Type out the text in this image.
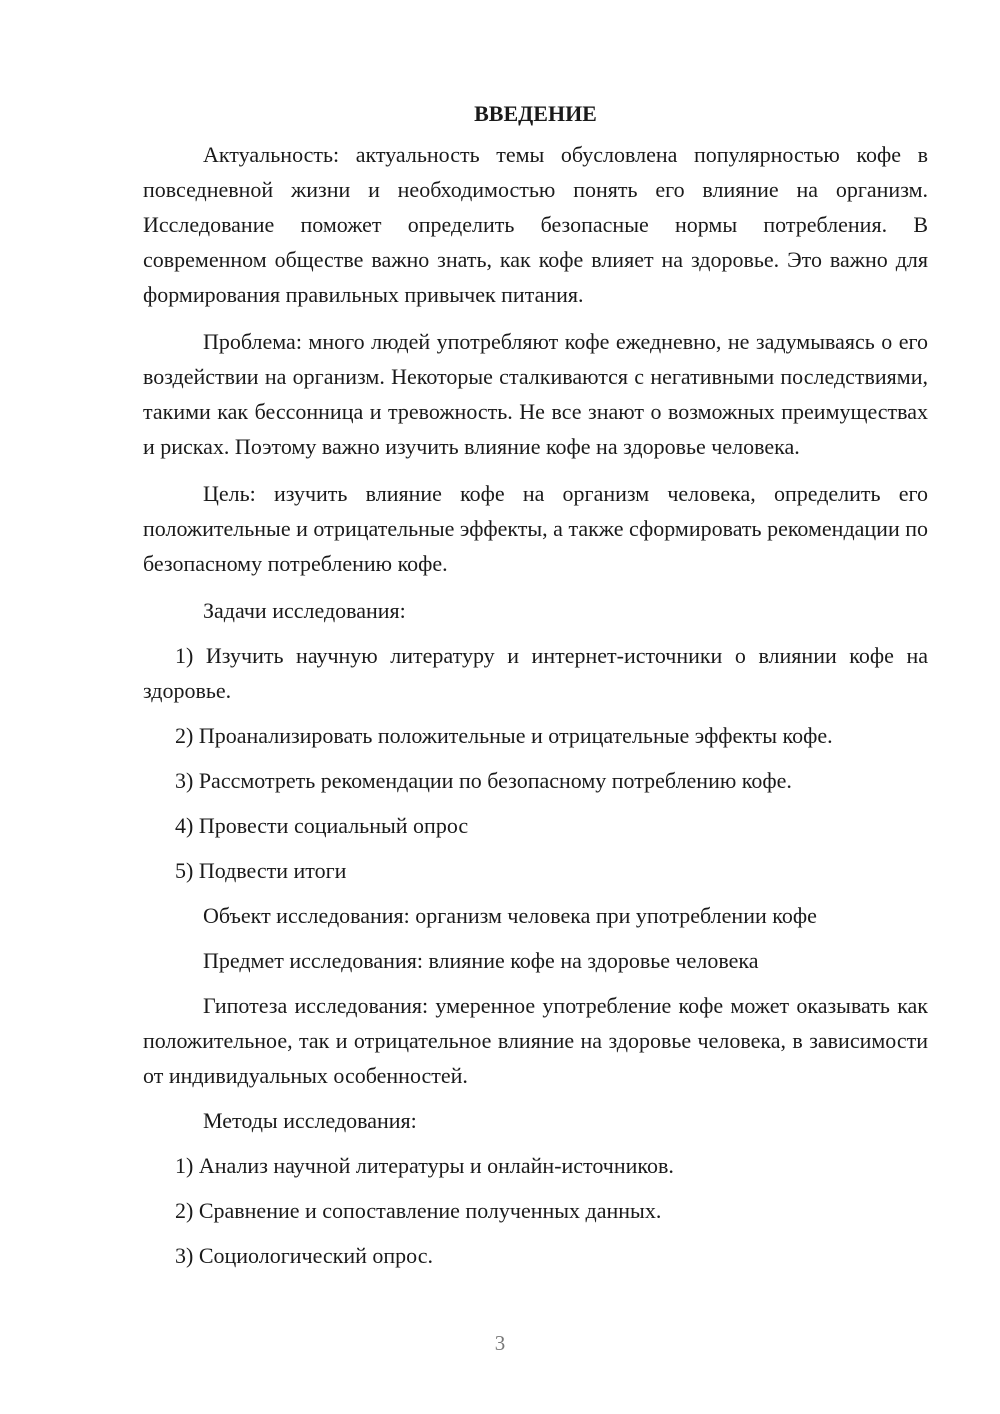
ВВЕДЕНИЕ

Актуальность: актуальность темы обусловлена популярностью кофе в повседневной жизни и необходимостью понять его влияние на организм. Исследование поможет определить безопасные нормы потребления. В современном обществе важно знать, как кофе влияет на здоровье. Это важно для формирования правильных привычек питания.

Проблема: много людей употребляют кофе ежедневно, не задумываясь о его воздействии на организм. Некоторые сталкиваются с негативными последствиями, такими как бессонница и тревожность. Не все знают о возможных преимуществах и рисках. Поэтому важно изучить влияние кофе на здоровье человека.

Цель: изучить влияние кофе на организм человека, определить его положительные и отрицательные эффекты, а также сформировать рекомендации по безопасному потреблению кофе.

Задачи исследования:

1) Изучить научную литературу и интернет-источники о влиянии кофе на здоровье.

2) Проанализировать положительные и отрицательные эффекты кофе.

3) Рассмотреть рекомендации по безопасному потреблению кофе.

4) Провести социальный опрос

5) Подвести итоги

Объект исследования: организм человека при употреблении кофе

Предмет исследования: влияние кофе на здоровье человека

Гипотеза исследования: умеренное употребление кофе может оказывать как положительное, так и отрицательное влияние на здоровье человека, в зависимости от индивидуальных особенностей.

Методы исследования:

1) Анализ научной литературы и онлайн-источников.

2) Сравнение и сопоставление полученных данных.

3) Социологический опрос.

3
